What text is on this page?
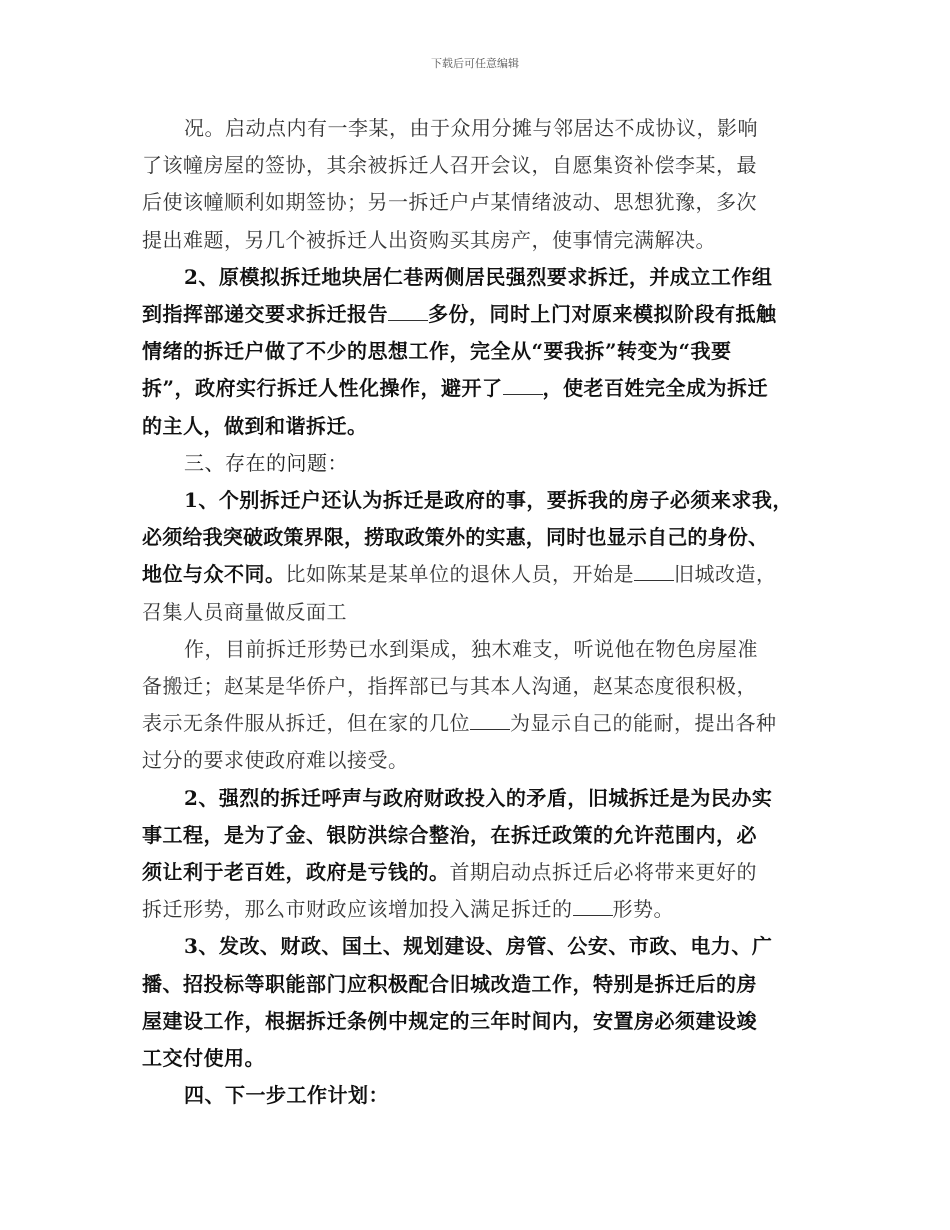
下载后可任意编辑
况。启动点内有一李某，由于众用分摊与邻居达不成协议，影响
了该幢房屋的签协，其余被拆迁人召开会议，自愿集资补偿李某，最
后使该幢顺利如期签协；另一拆迁户卢某情绪波动、思想犹豫，多次
提出难题，另几个被拆迁人出资购买其房产，使事情完满解决。
2、原模拟拆迁地块居仁巷两侧居民强烈要求拆迁，并成立工作组
到指挥部递交要求拆迁报告 多份，同时上门对原来模拟阶段有抵触
情绪的拆迁户做了不少的思想工作，完全从“要我拆”转变为“我要
拆”，政府实行拆迁人性化操作，避开了 ，使老百姓完全成为拆迁
的主人，做到和谐拆迁。
三、存在的问题：
1、个别拆迁户还认为拆迁是政府的事，要拆我的房子必须来求我，
必须给我突破政策界限，捞取政策外的实惠，同时也显示自己的身份、
地位与众不同。比如陈某是某单位的退休人员，开始是 旧城改造，
召集人员商量做反面工
作，目前拆迁形势已水到渠成，独木难支，听说他在物色房屋准
备搬迁；赵某是华侨户，指挥部已与其本人沟通，赵某态度很积极，
表示无条件服从拆迁，但在家的几位 为显示自己的能耐，提出各种
过分的要求使政府难以接受。
2、强烈的拆迁呼声与政府财政投入的矛盾，旧城拆迁是为民办实
事工程，是为了金、银防洪综合整治，在拆迁政策的允许范围内，必
须让利于老百姓，政府是亏钱的。首期启动点拆迁后必将带来更好的
拆迁形势，那么市财政应该增加投入满足拆迁的 形势。
3、发改、财政、国土、规划建设、房管、公安、市政、电力、广
播、招投标等职能部门应积极配合旧城改造工作，特别是拆迁后的房
屋建设工作，根据拆迁条例中规定的三年时间内，安置房必须建设竣
工交付使用。
四、下一步工作计划：
